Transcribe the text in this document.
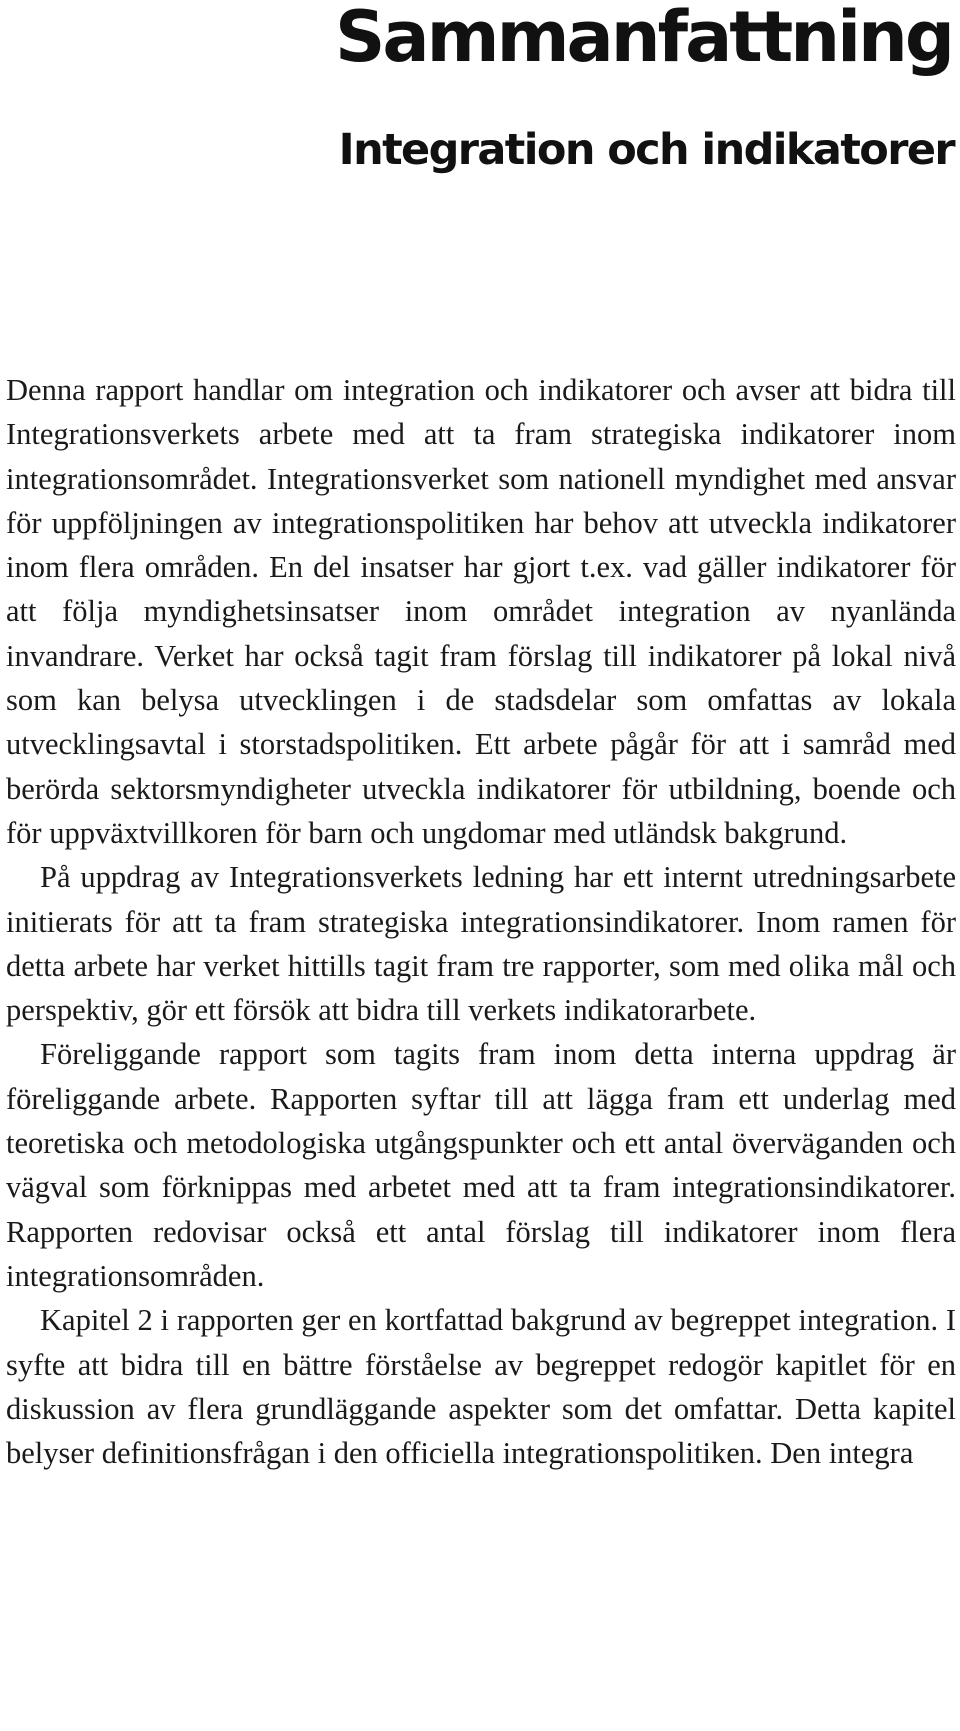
Sammanfattning
Integration och indikatorer

Denna rapport handlar om integration och indikatorer och avser att bidra till Integrationsverkets arbete med att ta fram strategiska indikatorer inom integrationsområdet. Integrationsverket som nationell myndighet med ansvar för uppföljningen av integrationspolitiken har behov att utveckla indikatorer inom flera områden. En del insatser har gjort t.ex. vad gäller indikatorer för att följa myndighetsinsatser inom området integration av nyanlända invandrare. Verket har också tagit fram förslag till indikatorer på lokal nivå som kan belysa utvecklingen i de stadsdelar som omfattas av lokala utvecklingsavtal i storstadspolitiken. Ett arbete pågår för att i samråd med berörda sektorsmyndigheter utveckla indikatorer för utbildning, boende och för uppväxtvillkoren för barn och ungdomar med utländsk bakgrund.

På uppdrag av Integrationsverkets ledning har ett internt utredningsarbete initierats för att ta fram strategiska integrationsindikatorer. Inom ramen för detta arbete har verket hittills tagit fram tre rapporter, som med olika mål och perspektiv, gör ett försök att bidra till verkets indikatorarbete.

Föreliggande rapport som tagits fram inom detta interna uppdrag är föreliggande arbete. Rapporten syftar till att lägga fram ett underlag med teoretiska och metodologiska utgångspunkter och ett antal överväganden och vägval som förknippas med arbetet med att ta fram integrationsindikatorer. Rapporten redovisar också ett antal förslag till indikatorer inom flera integrationsområden.

Kapitel 2 i rapporten ger en kortfattad bakgrund av begreppet integration. I syfte att bidra till en bättre förståelse av begreppet redogör kapitlet för en diskussion av flera grundläggande aspekter som det omfattar. Detta kapitel belyser definitionsfrågan i den officiella integrationspolitiken. Den integra
